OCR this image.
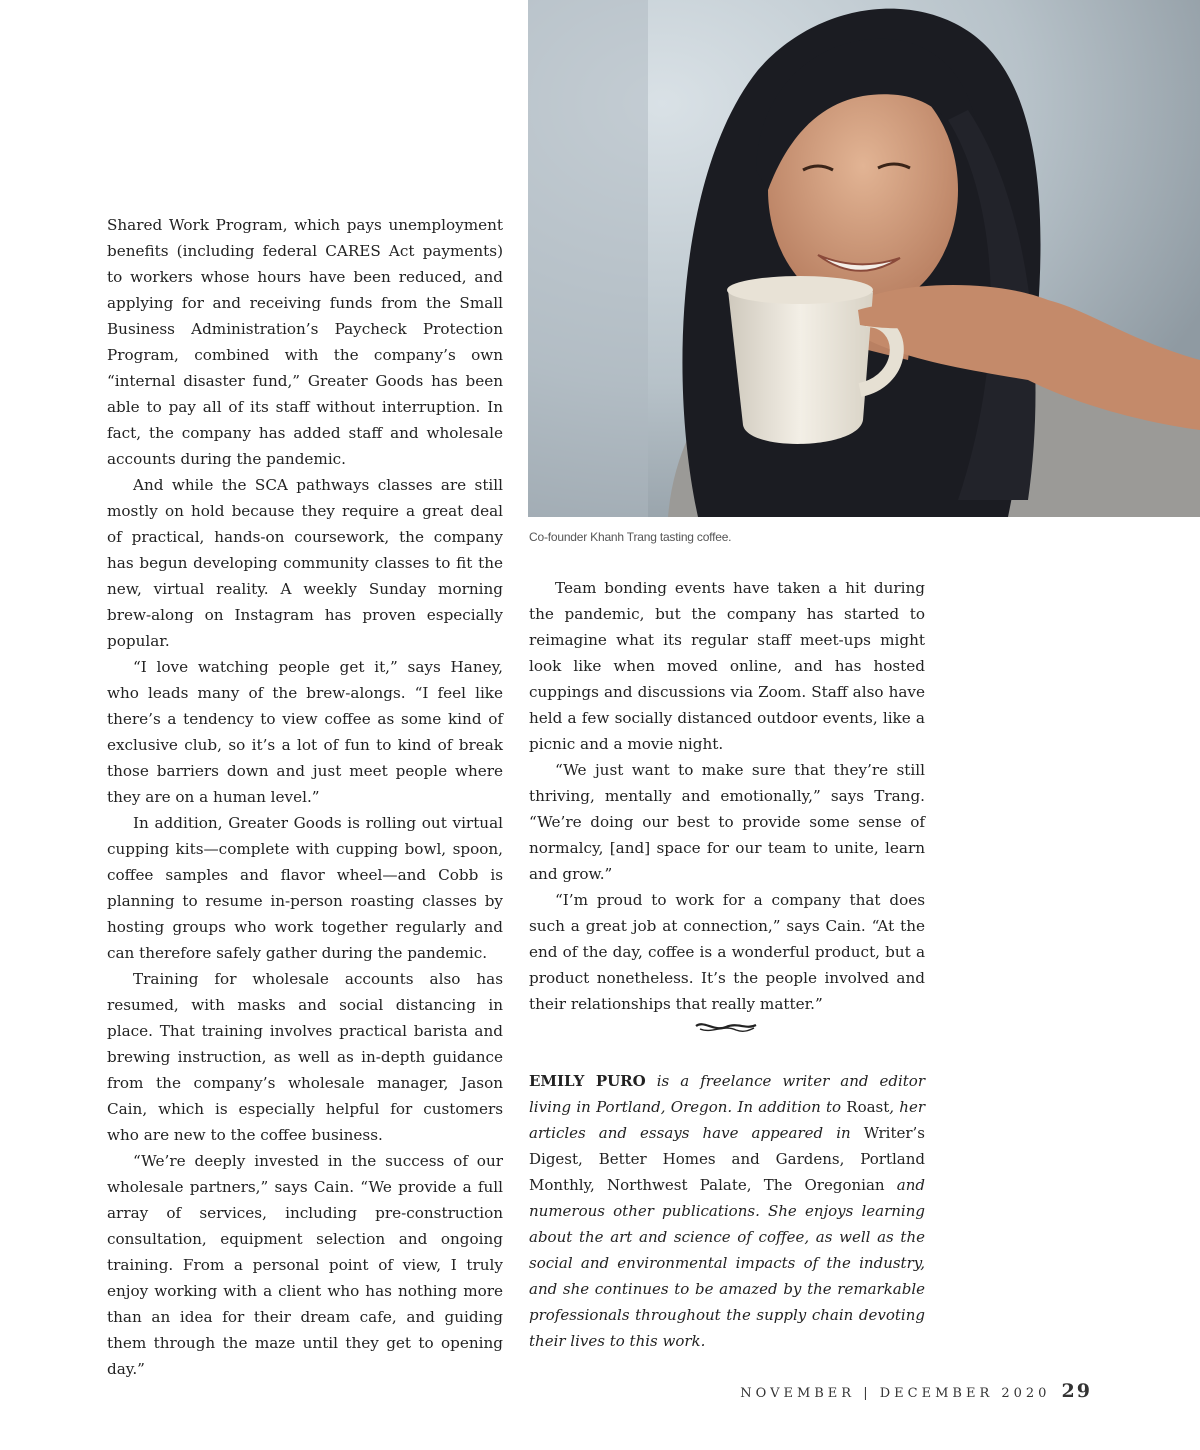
Shared Work Program, which pays unemployment benefits (including federal CARES Act payments) to workers whose hours have been reduced, and applying for and receiving funds from the Small Business Administration’s Paycheck Protection Program, combined with the company’s own “internal disaster fund,” Greater Goods has been able to pay all of its staff without interruption. In fact, the company has added staff and wholesale accounts during the pandemic.

And while the SCA pathways classes are still mostly on hold because they require a great deal of practical, hands-on coursework, the company has begun developing community classes to fit the new, virtual reality. A weekly Sunday morning brew-along on Instagram has proven especially popular.

“I love watching people get it,” says Haney, who leads many of the brew-alongs. “I feel like there’s a tendency to view coffee as some kind of exclusive club, so it’s a lot of fun to kind of break those barriers down and just meet people where they are on a human level.”

In addition, Greater Goods is rolling out virtual cupping kits—complete with cupping bowl, spoon, coffee samples and flavor wheel—and Cobb is planning to resume in-person roasting classes by hosting groups who work together regularly and can therefore safely gather during the pandemic.

Training for wholesale accounts also has resumed, with masks and social distancing in place. That training involves practical barista and brewing instruction, as well as in-depth guidance from the company’s wholesale manager, Jason Cain, which is especially helpful for customers who are new to the coffee business.

“We’re deeply invested in the success of our wholesale partners,” says Cain. “We provide a full array of services, including pre-construction consultation, equipment selection and ongoing training. From a personal point of view, I truly enjoy working with a client who has nothing more than an idea for their dream cafe, and guiding them through the maze until they get to opening day.”

Co-founder Khanh Trang tasting coffee.

Team bonding events have taken a hit during the pandemic, but the company has started to reimagine what its regular staff meet-ups might look like when moved online, and has hosted cuppings and discussions via Zoom. Staff also have held a few socially distanced outdoor events, like a picnic and a movie night.

“We just want to make sure that they’re still thriving, mentally and emotionally,” says Trang. “We’re doing our best to provide some sense of normalcy, [and] space for our team to unite, learn and grow.”

“I’m proud to work for a company that does such a great job at connection,” says Cain. “At the end of the day, coffee is a wonderful product, but a product nonetheless. It’s the people involved and their relationships that really matter.”

EMILY PURO is a freelance writer and editor living in Portland, Oregon. In addition to Roast, her articles and essays have appeared in Writer’s Digest, Better Homes and Gardens, Portland Monthly, Northwest Palate, The Oregonian and numerous other publications. She enjoys learning about the art and science of coffee, as well as the social and environmental impacts of the industry, and she continues to be amazed by the remarkable professionals throughout the supply chain devoting their lives to this work.

NOVEMBER | DECEMBER 2020 29
